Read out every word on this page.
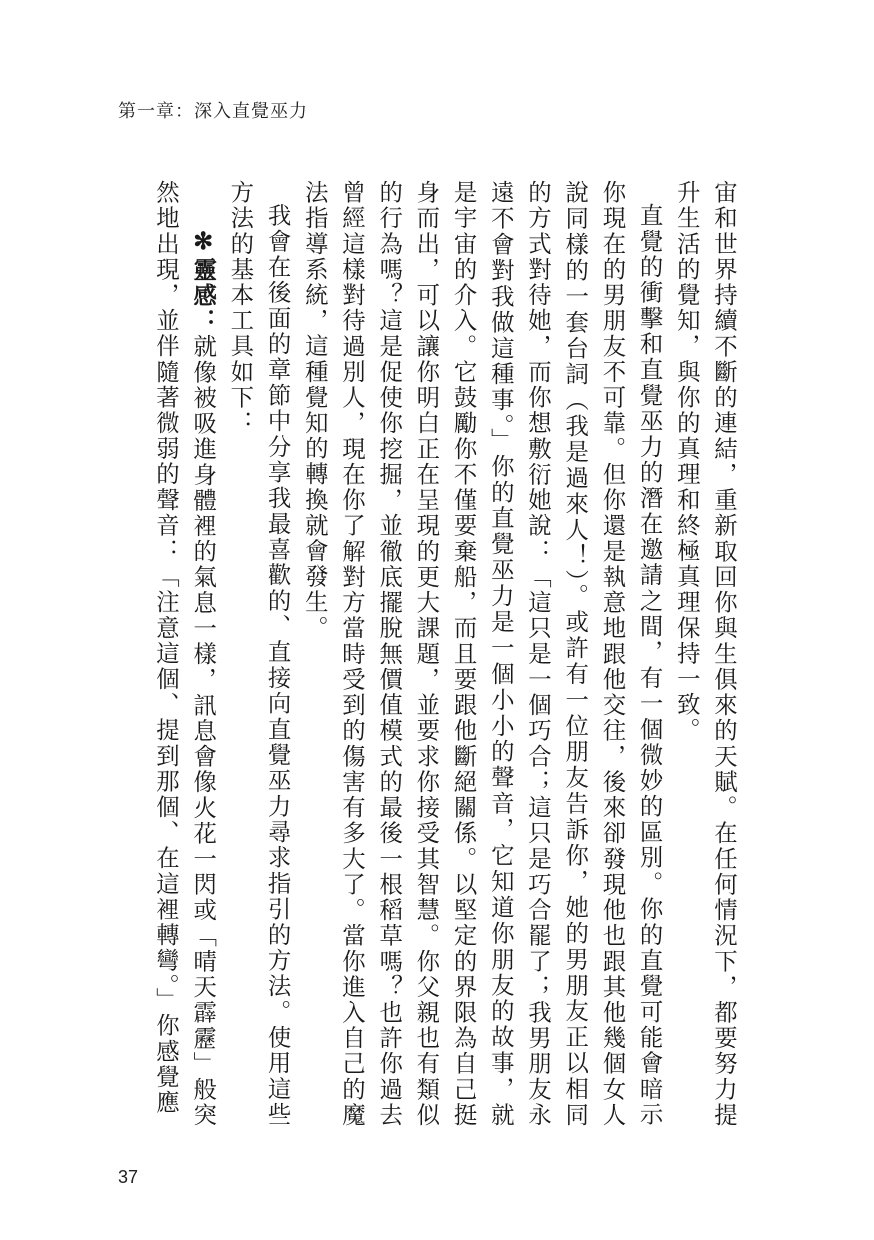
第一章：深入直覺巫力

宙和世界持續不斷的連結，重新取回你與生俱來的天賦。在任何情況下，都要努力提升生活的覺知，與你的真理和終極真理保持一致。

直覺的衝擊和直覺巫力的潛在邀請之間，有一個微妙的區別。你的直覺可能會暗示你現在的男朋友不可靠。但你還是執意地跟他交往，後來卻發現他也跟其他幾個女人說同樣的一套台詞（我是過來人！）。或許有一位朋友告訴你，她的男朋友正以相同的方式對待她，而你想敷衍她說：「這只是一個巧合；這只是巧合罷了；我男朋友永遠不會對我做這種事。」你的直覺巫力是一個小小的聲音，它知道你朋友的故事，就是宇宙的介入。它鼓勵你不僅要棄船，而且要跟他斷絕關係。以堅定的界限為自己挺身而出，可以讓你明白正在呈現的更大課題，並要求你接受其智慧。你父親也有類似的行為嗎？這是促使你挖掘，並徹底擺脫無價值模式的最後一根稻草嗎？也許你過去曾經這樣對待過別人，現在你了解對方當時受到的傷害有多大了。當你進入自己的魔法指導系統，這種覺知的轉換就會發生。

我會在後面的章節中分享我最喜歡的、直接向直覺巫力尋求指引的方法。使用這些方法的基本工具如下：

✻靈感：就像被吸進身體裡的氣息一樣，訊息會像火花一閃或「晴天霹靂」般突然地出現，並伴隨著微弱的聲音：「注意這個、提到那個、在這裡轉彎。」你感覺應

37
